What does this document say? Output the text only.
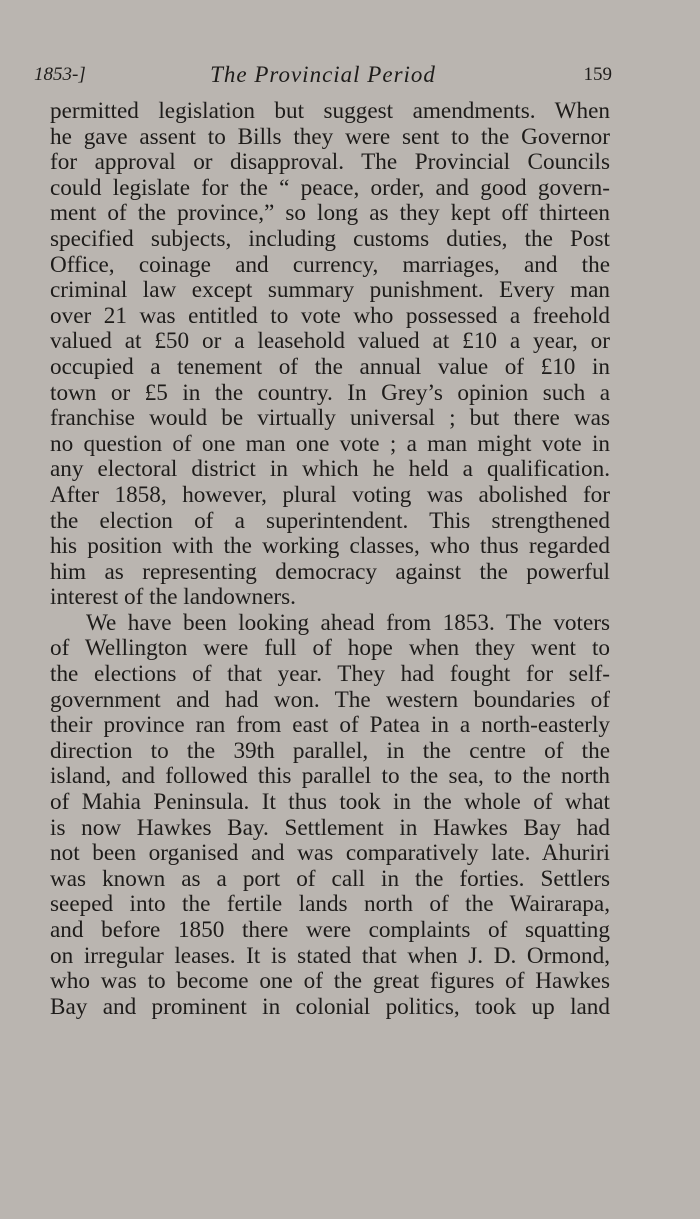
1853-]	The Provincial Period	159
permitted legislation but suggest amendments. When
he gave assent to Bills they were sent to the Governor
for approval or disapproval. The Provincial Councils
could legislate for the “ peace, order, and good govern-
ment of the province,” so long as they kept off thirteen
specified subjects, including customs duties, the Post
Office, coinage and currency, marriages, and the
criminal law except summary punishment. Every man
over 21 was entitled to vote who possessed a freehold
valued at £50 or a leasehold valued at £10 a year, or
occupied a tenement of the annual value of £10 in
town or £5 in the country. In Grey’s opinion such a
franchise would be virtually universal ; but there was
no question of one man one vote ; a man might vote in
any electoral district in which he held a qualification.
After 1858, however, plural voting was abolished for
the election of a superintendent. This strengthened
his position with the working classes, who thus regarded
him as representing democracy against the powerful
interest of the landowners.
We have been looking ahead from 1853. The voters
of Wellington were full of hope when they went to
the elections of that year. They had fought for self-
government and had won. The western boundaries of
their province ran from east of Patea in a north-easterly
direction to the 39th parallel, in the centre of the
island, and followed this parallel to the sea, to the north
of Mahia Peninsula. It thus took in the whole of what
is now Hawkes Bay. Settlement in Hawkes Bay had
not been organised and was comparatively late. Ahuriri
was known as a port of call in the forties. Settlers
seeped into the fertile lands north of the Wairarapa,
and before 1850 there were complaints of squatting
on irregular leases. It is stated that when J. D. Ormond,
who was to become one of the great figures of Hawkes
Bay and prominent in colonial politics, took up land
